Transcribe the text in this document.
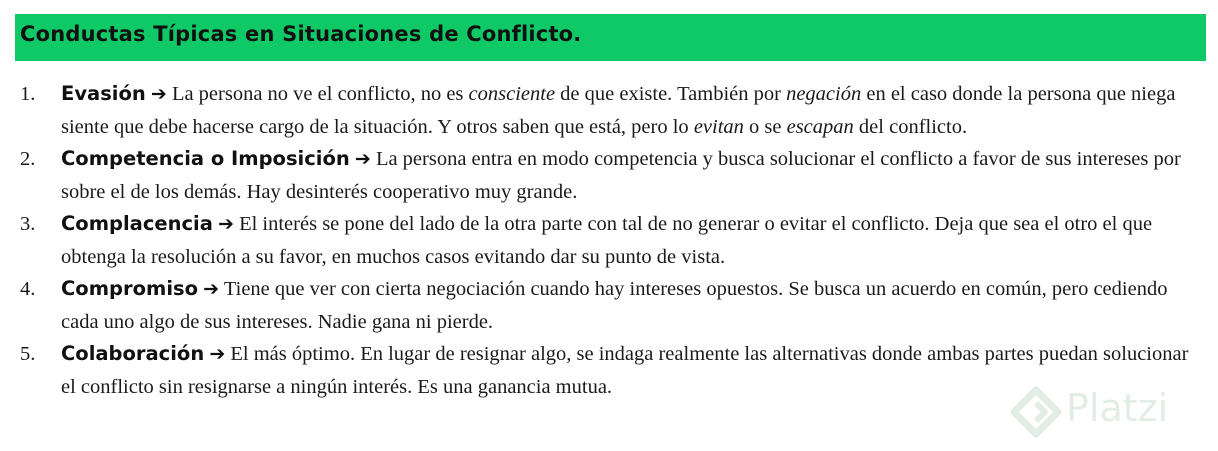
Conductas Típicas en Situaciones de Conflicto.
1. Evasión ➔ La persona no ve el conflicto, no es consciente de que existe. También por negación en el caso donde la persona que niega siente que debe hacerse cargo de la situación. Y otros saben que está, pero lo evitan o se escapan del conflicto.
2. Competencia o Imposición ➔ La persona entra en modo competencia y busca solucionar el conflicto a favor de sus intereses por sobre el de los demás. Hay desinterés cooperativo muy grande.
3. Complacencia ➔ El interés se pone del lado de la otra parte con tal de no generar o evitar el conflicto. Deja que sea el otro el que obtenga la resolución a su favor, en muchos casos evitando dar su punto de vista.
4. Compromiso ➔ Tiene que ver con cierta negociación cuando hay intereses opuestos. Se busca un acuerdo en común, pero cediendo cada uno algo de sus intereses. Nadie gana ni pierde.
5. Colaboración ➔ El más óptimo. En lugar de resignar algo, se indaga realmente las alternativas donde ambas partes puedan solucionar el conflicto sin resignarse a ningún interés. Es una ganancia mutua.	Platzi
